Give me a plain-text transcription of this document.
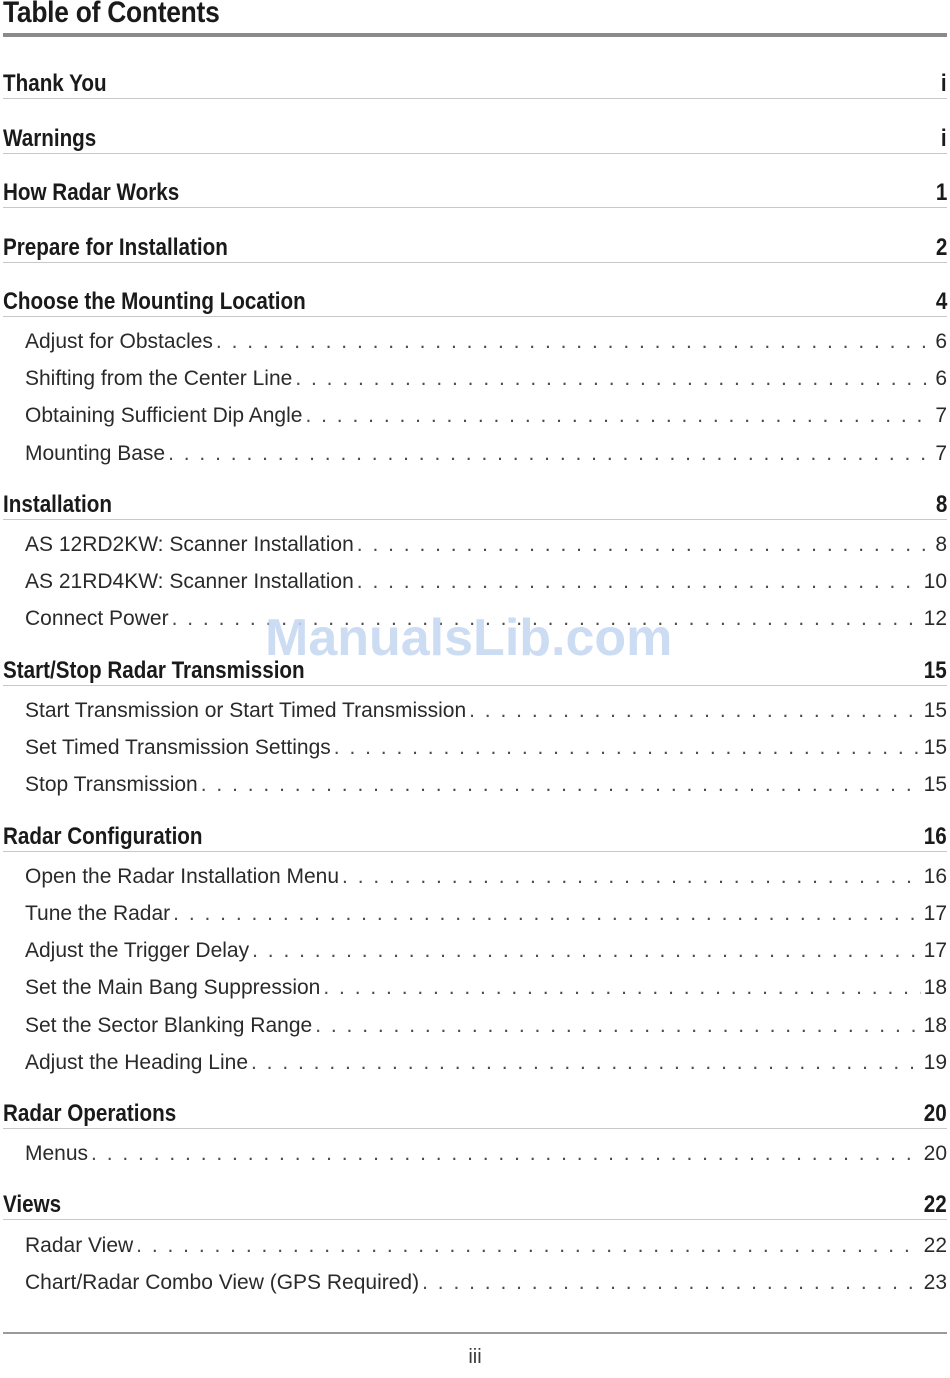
Table of Contents
Thank You	i
Warnings	i
How Radar Works	1
Prepare for Installation	2
Choose the Mounting Location	4
Adjust for Obstacles . . .	6
Shifting from the Center Line . . .	6
Obtaining Sufficient Dip Angle . . .	7
Mounting Base . . .	7
Installation	8
AS 12RD2KW: Scanner Installation . . .	8
AS 21RD4KW: Scanner Installation . . .	10
Connect Power . . .	12
Start/Stop Radar Transmission	15
Start Transmission or Start Timed Transmission . . .	15
Set Timed Transmission Settings . . .	15
Stop Transmission . . .	15
Radar Configuration	16
Open the Radar Installation Menu . . .	16
Tune the Radar . . .	17
Adjust the Trigger Delay . . .	17
Set the Main Bang Suppression . . .	18
Set the Sector Blanking Range . . .	18
Adjust the Heading Line . . .	19
Radar Operations	20
Menus . . .	20
Views	22
Radar View . . .	22
Chart/Radar Combo View (GPS Required) . . .	23
ManualsLib.com
iii
